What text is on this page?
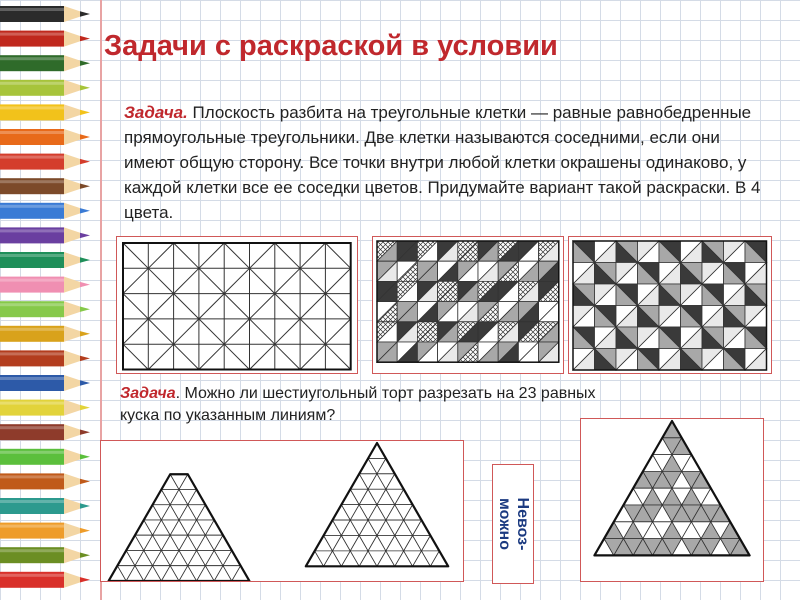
Задачи с раскраской в условии

Задача. Плоскость разбита на треугольные клетки — равные равнобедренные прямоугольные треугольники. Две клетки называются соседними, если они имеют общую сторону. Все точки внутри любой клетки окрашены одинаково, у каждой клетки все ее соседки цветов. Придумайте вариант такой раскраски. В 4 цвета.

Задача. Можно ли шестиугольный торт разрезать на 23 равных куска по указанным линиям?

Невоз-
можно
